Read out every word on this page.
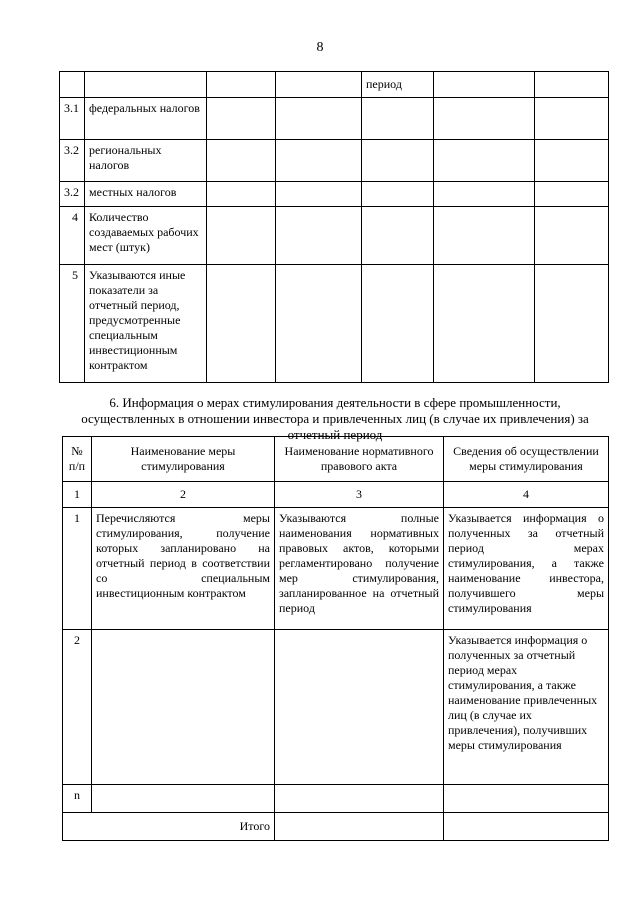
8
				период		
3.1	федеральных налогов					
3.2	региональных налогов					
3.2	местных налогов					
4	Количество создаваемых рабочих мест (штук)					
5	Указываются иные показатели за отчетный период, предусмотренные специальным инвестиционным контрактом					
6. Информация о мерах стимулирования деятельности в сфере промышленности, осуществленных в отношении инвестора и привлеченных лиц (в случае их привлечения) за отчетный период
№ п/п	Наименование меры стимулирования	Наименование нормативного правового акта	Сведения об осуществлении меры стимулирования
1	2	3	4
1	Перечисляются меры стимулирования, получение которых запланировано на отчетный период в соответствии со специальным инвестиционным контрактом	Указываются полные наименования нормативных правовых актов, которыми регламентировано получение мер стимулирования, запланированное на отчетный период	Указывается информация о полученных за отчетный период мерах стимулирования, а также наименование инвестора, получившего меры стимулирования
2			Указывается информация о полученных за отчетный период мерах стимулирования, а также наименование привлеченных лиц (в случае их привлечения), получивших меры стимулирования
n			
Итого			
